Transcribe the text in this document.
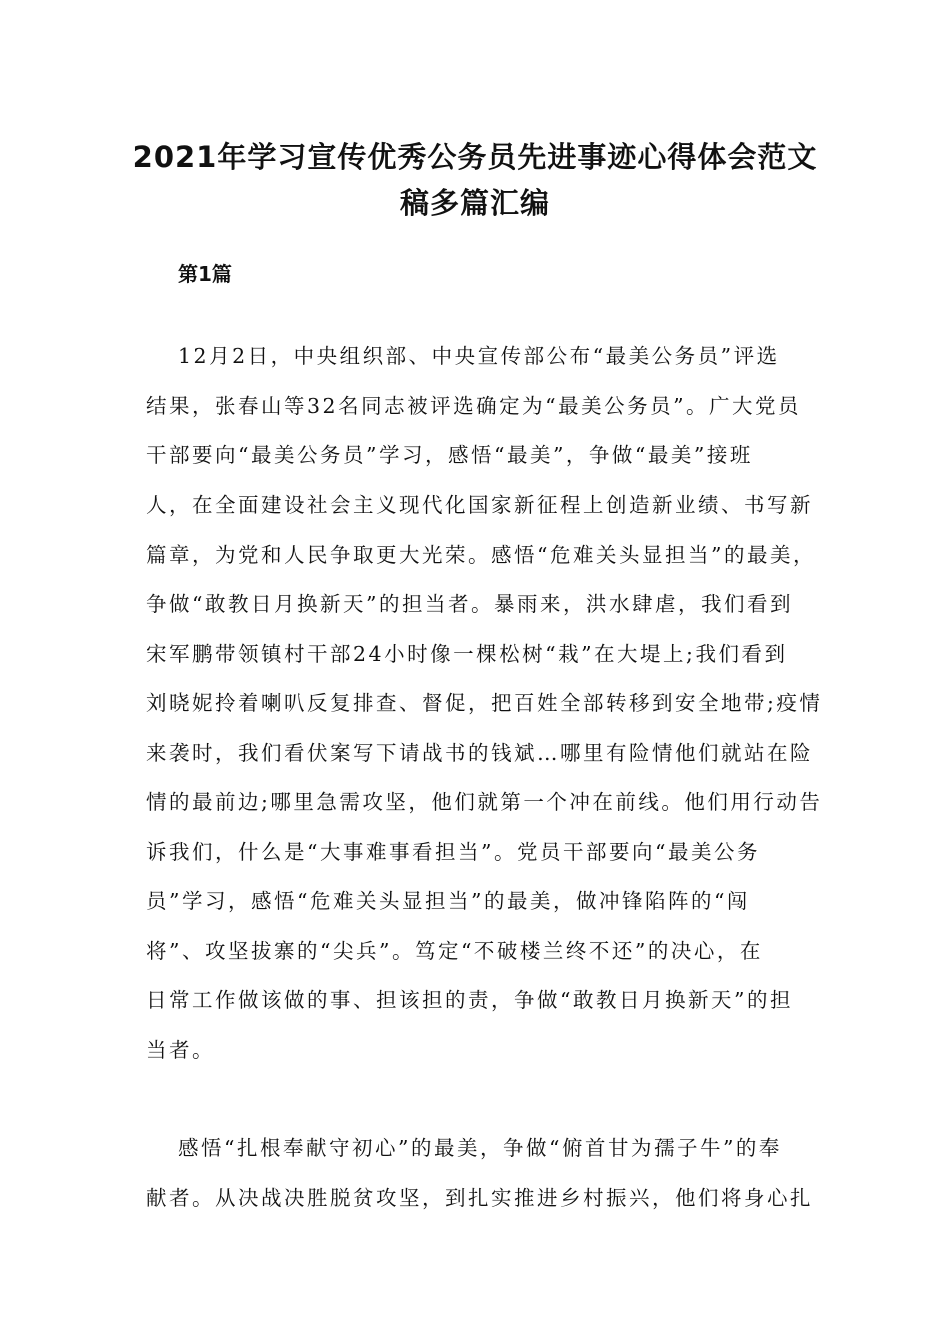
2021年学习宣传优秀公务员先进事迹心得体会范文
稿多篇汇编
第1篇
12月2日，中央组织部、中央宣传部公布“最美公务员”评选
结果，张春山等32名同志被评选确定为“最美公务员”。广大党员
干部要向“最美公务员”学习，感悟“最美”，争做“最美”接班
人，在全面建设社会主义现代化国家新征程上创造新业绩、书写新
篇章，为党和人民争取更大光荣。感悟“危难关头显担当”的最美，
争做“敢教日月换新天”的担当者。暴雨来，洪水肆虐，我们看到
宋军鹏带领镇村干部24小时像一棵松树“栽”在大堤上;我们看到
刘晓妮拎着喇叭反复排查、督促，把百姓全部转移到安全地带;疫情
来袭时，我们看伏案写下请战书的钱斌…哪里有险情他们就站在险
情的最前边;哪里急需攻坚，他们就第一个冲在前线。他们用行动告
诉我们，什么是“大事难事看担当”。党员干部要向“最美公务
员”学习，感悟“危难关头显担当”的最美，做冲锋陷阵的“闯
将”、攻坚拔寨的“尖兵”。笃定“不破楼兰终不还”的决心，在
日常工作做该做的事、担该担的责，争做“敢教日月换新天”的担
当者。
感悟“扎根奉献守初心”的最美，争做“俯首甘为孺子牛”的奉
献者。从决战决胜脱贫攻坚，到扎实推进乡村振兴，他们将身心扎
